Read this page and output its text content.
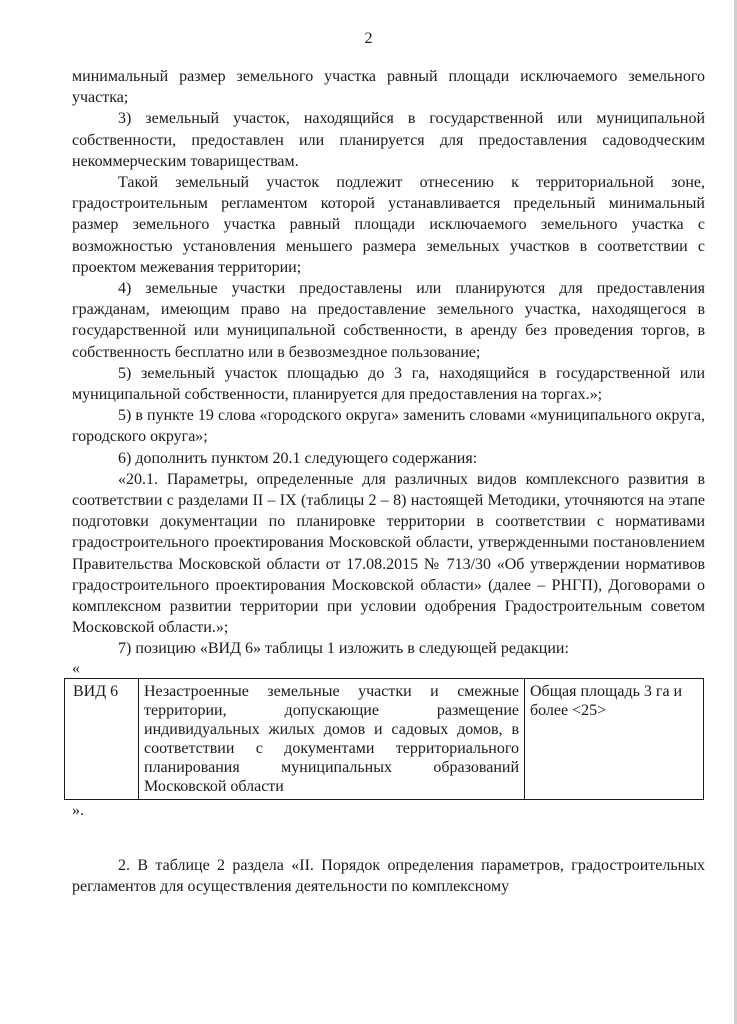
2

минимальный размер земельного участка равный площади исключаемого земельного участка;

3) земельный участок, находящийся в государственной или муниципальной собственности, предоставлен или планируется для предоставления садоводческим некоммерческим товариществам.

Такой земельный участок подлежит отнесению к территориальной зоне, градостроительным регламентом которой устанавливается предельный минимальный размер земельного участка равный площади исключаемого земельного участка с возможностью установления меньшего размера земельных участков в соответствии с проектом межевания территории;

4) земельные участки предоставлены или планируются для предоставления гражданам, имеющим право на предоставление земельного участка, находящегося в государственной или муниципальной собственности, в аренду без проведения торгов, в собственность бесплатно или в безвозмездное пользование;

5) земельный участок площадью до 3 га, находящийся в государственной или муниципальной собственности, планируется для предоставления на торгах.»;

5) в пункте 19 слова «городского округа» заменить словами «муниципального округа, городского округа»;

6) дополнить пунктом 20.1 следующего содержания:

«20.1. Параметры, определенные для различных видов комплексного развития в соответствии с разделами II – IX (таблицы 2 – 8) настоящей Методики, уточняются на этапе подготовки документации по планировке территории в соответствии с нормативами градостроительного проектирования Московской области, утвержденными постановлением Правительства Московской области от 17.08.2015 № 713/30 «Об утверждении нормативов градостроительного проектирования Московской области» (далее – РНГП), Договорами о комплексном развитии территории при условии одобрения Градостроительным советом Московской области.»;

7) позицию «ВИД 6» таблицы 1 изложить в следующей редакции:

«

ВИД 6	Незастроенные земельные участки и смежные территории, допускающие размещение индивидуальных жилых домов и садовых домов, в соответствии с документами территориального планирования муниципальных образований Московской области	Общая площадь 3 га и более <25>

».

2. В таблице 2 раздела «II. Порядок определения параметров, градостроительных регламентов для осуществления деятельности по комплексному
